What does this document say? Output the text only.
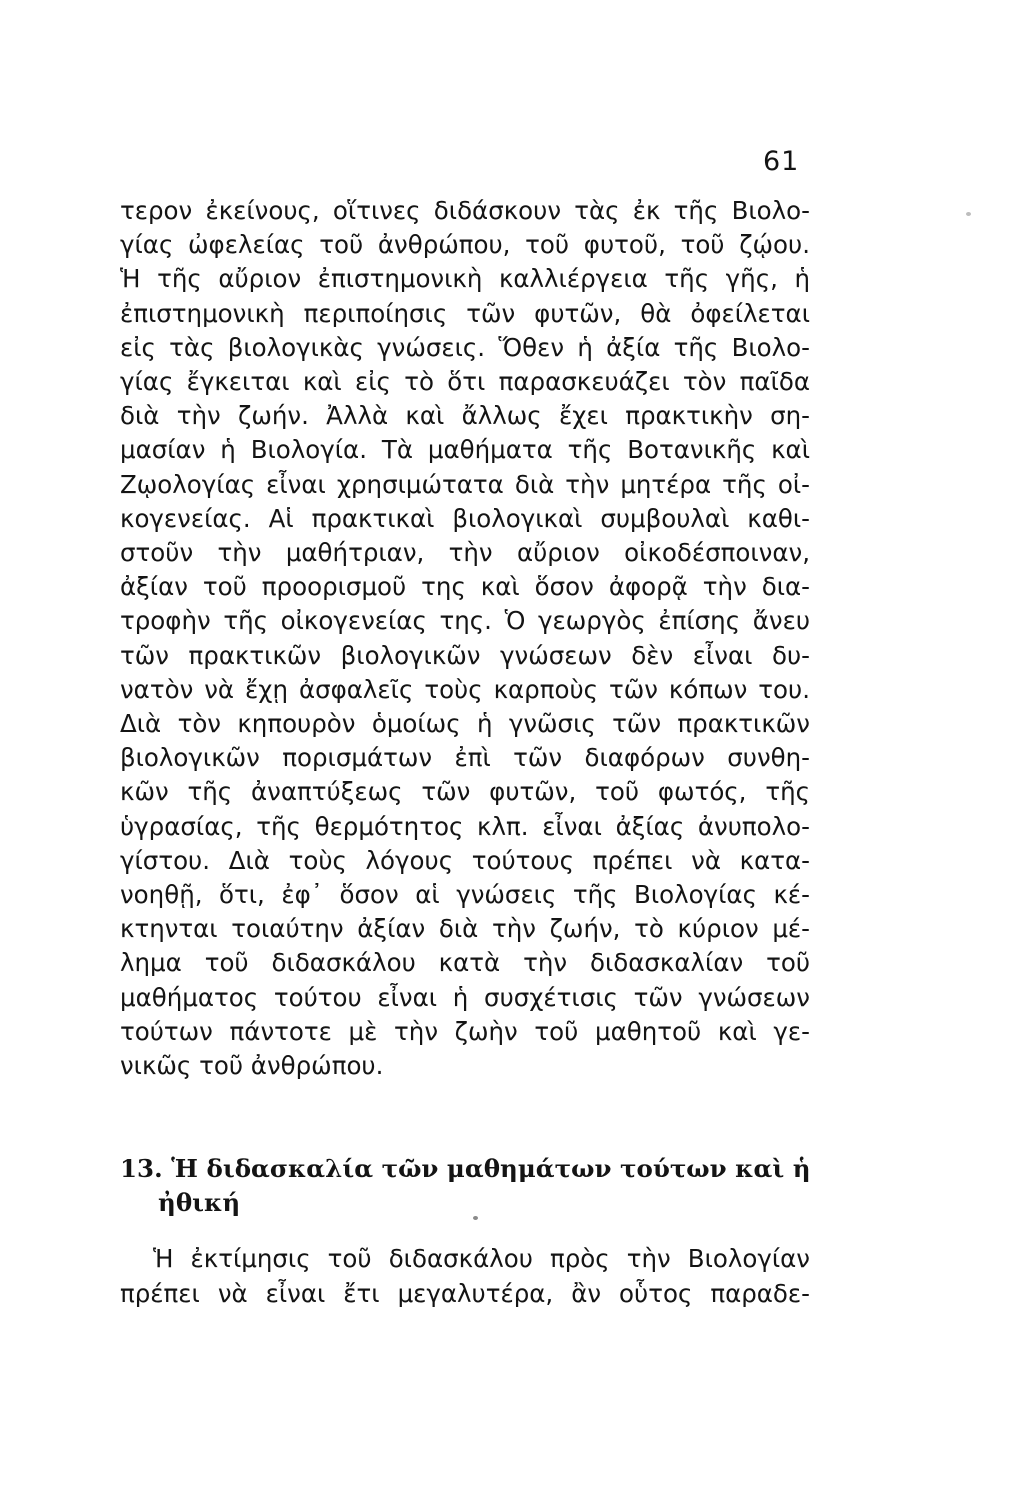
61
τερον ἐκείνους, οἵτινες διδάσκουν τὰς ἐκ τῆς Βιολο-
γίας ὠφελείας τοῦ ἀνθρώπου, τοῦ φυτοῦ, τοῦ ζῴου.
Ἡ τῆς αὔριον ἐπιστημονικὴ καλλιέργεια τῆς γῆς, ἡ
ἐπιστημονικὴ περιποίησις τῶν φυτῶν, θὰ ὀφείλεται
εἰς τὰς βιολογικὰς γνώσεις. Ὅθεν ἡ ἀξία τῆς Βιολο-
γίας ἔγκειται καὶ εἰς τὸ ὅτι παρασκευάζει τὸν παῖδα
διὰ τὴν ζωήν. Ἀλλὰ καὶ ἄλλως ἔχει πρακτικὴν ση-
μασίαν ἡ Βιολογία. Τὰ μαθήματα τῆς Βοτανικῆς καὶ
Ζῳολογίας εἶναι χρησιμώτατα διὰ τὴν μητέρα τῆς οἰ-
κογενείας. Αἱ πρακτικαὶ βιολογικαὶ συμβουλαὶ καθι-
στοῦν τὴν μαθήτριαν, τὴν αὔριον οἰκοδέσποιναν,
ἀξίαν τοῦ προορισμοῦ της καὶ ὅσον ἀφορᾷ τὴν δια-
τροφὴν τῆς οἰκογενείας της. Ὁ γεωργὸς ἐπίσης ἄνευ
τῶν πρακτικῶν βιολογικῶν γνώσεων δὲν εἶναι δυ-
νατὸν νὰ ἔχῃ ἀσφαλεῖς τοὺς καρποὺς τῶν κόπων του.
Διὰ τὸν κηπουρὸν ὁμοίως ἡ γνῶσις τῶν πρακτικῶν
βιολογικῶν πορισμάτων ἐπὶ τῶν διαφόρων συνθη-
κῶν τῆς ἀναπτύξεως τῶν φυτῶν, τοῦ φωτός, τῆς
ὑγρασίας, τῆς θερμότητος κλπ. εἶναι ἀξίας ἀνυπολο-
γίστου. Διὰ τοὺς λόγους τούτους πρέπει νὰ κατα-
νοηθῇ, ὅτι, ἐφ᾽ ὅσον αἱ γνώσεις τῆς Βιολογίας κέ-
κτηνται τοιαύτην ἀξίαν διὰ τὴν ζωήν, τὸ κύριον μέ-
λημα τοῦ διδασκάλου κατὰ τὴν διδασκαλίαν τοῦ
μαθήματος τούτου εἶναι ἡ συσχέτισις τῶν γνώσεων
τούτων πάντοτε μὲ τὴν ζωὴν τοῦ μαθητοῦ καὶ γε-
νικῶς τοῦ ἀνθρώπου.
13. Ἡ διδασκαλία τῶν μαθημάτων τούτων καὶ ἡ
ἠθική
Ἡ ἐκτίμησις τοῦ διδασκάλου πρὸς τὴν Βιολογίαν
πρέπει νὰ εἶναι ἔτι μεγαλυτέρα, ἂν οὗτος παραδε-
